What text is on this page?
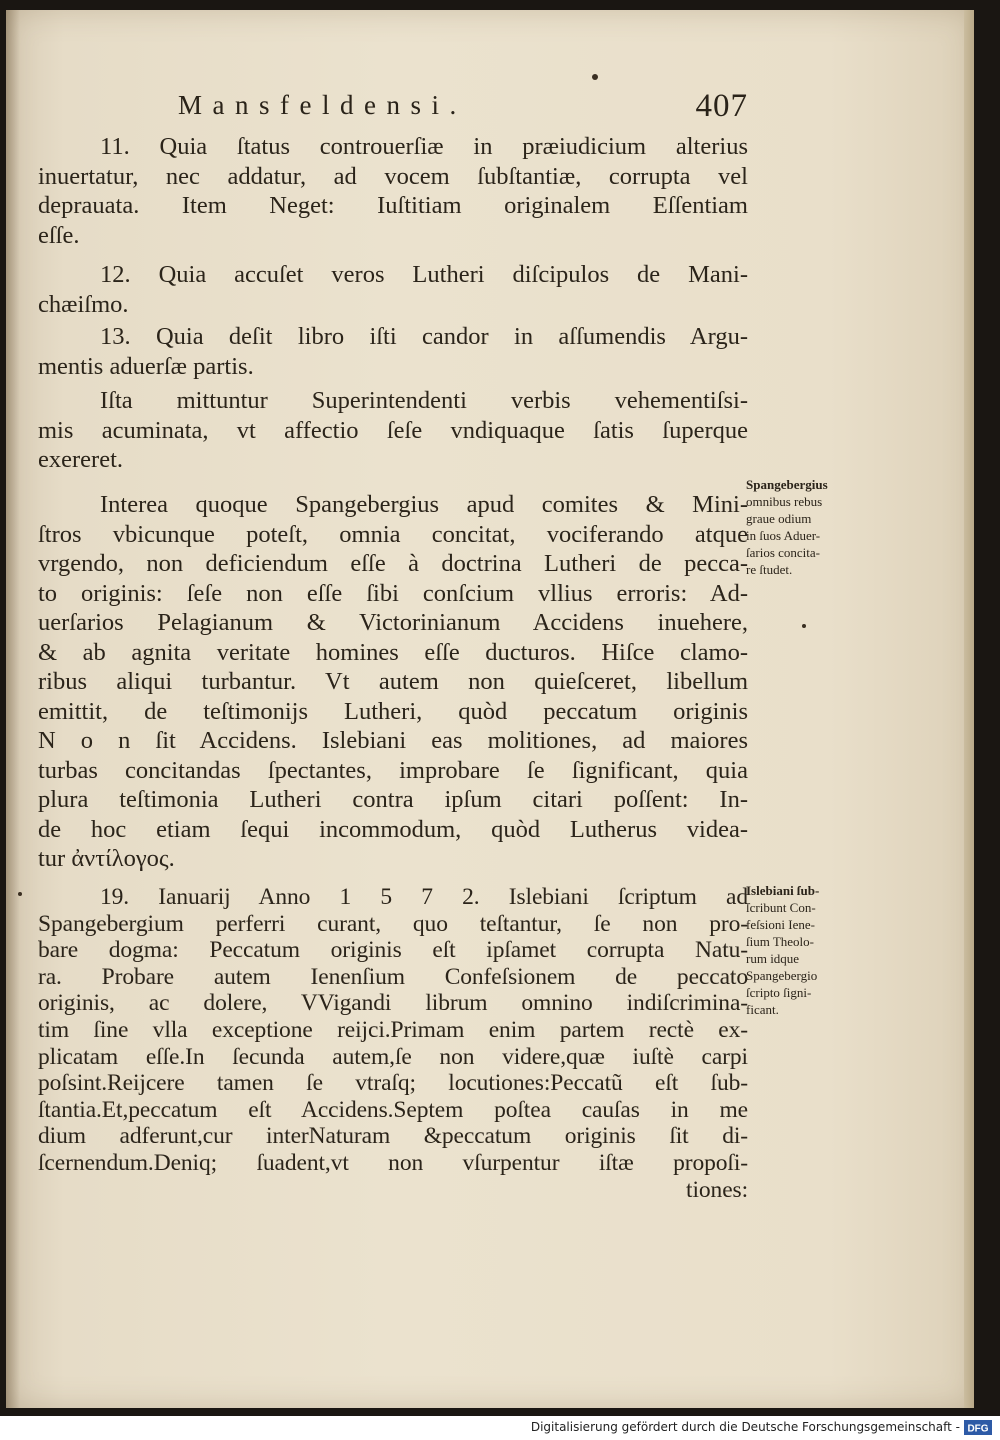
Mansfeldensi.	407
11. Quia ſtatus controuerſiæ in præiudicium alterius
inuertatur, nec addatur, ad vocem ſubſtantiæ, corrupta vel
deprauata. Item Neget: Iuſtitiam originalem Eſſentiam
eſſe.
12. Quia accuſet veros Lutheri diſcipulos de Mani-
chæiſmo.
13. Quia deſit libro iſti candor in aſſumendis Argu-
mentis aduerſæ partis.
Iſta mittuntur Superintendenti verbis vehementiſsi-
mis acuminata, vt affectio ſeſe vndiquaque ſatis ſuperque
exereret.
Interea quoque Spangebergius apud comites & Mini-
ſtros vbicunque poteſt, omnia concitat, vociferando atque
vrgendo, non deficiendum eſſe à doctrina Lutheri de pecca-
to originis: ſeſe non eſſe ſibi conſcium vllius erroris: Ad-
uerſarios Pelagianum & Victorinianum Accidens inuehere,
& ab agnita veritate homines eſſe ducturos. Hiſce clamo-
ribus aliqui turbantur. Vt autem non quieſceret, libellum
emittit, de teſtimonijs Lutheri, quòd peccatum originis
N o n ſit Accidens. Islebiani eas molitiones, ad maiores
turbas concitandas ſpectantes, improbare ſe ſignificant, quia
plura teſtimonia Lutheri contra ipſum citari poſſent: In-
de hoc etiam ſequi incommodum, quòd Lutherus videa-
tur ἀντίλογος.
19. Ianuarij Anno 1 5 7 2. Islebiani ſcriptum ad
Spangebergium perferri curant, quo teſtantur, ſe non pro-
bare dogma: Peccatum originis eſt ipſamet corrupta Natu-
ra. Probare autem Ienenſium Confeſsionem de peccato
originis, ac dolere, VVigandi librum omnino indiſcrimina-
tim ſine vlla exceptione reijci.Primam enim partem rectè ex-
plicatam eſſe.In ſecunda autem,ſe non videre,quæ iuſtè carpi
poſsint.Reijcere tamen ſe vtraſq; locutiones:Peccatũ eſt ſub-
ſtantia.Et,peccatum eſt Accidens.Septem poſtea cauſas in me
dium adferunt,cur interNaturam &peccatum originis ſit di-
ſcernendum.Deniq; ſuadent,vt non vſurpentur iſtæ propoſi-
tiones:
Spangebergius
omnibus rebus
graue odium
in ſuos Aduer-
ſarios concita-
re ſtudet.
Islebiani ſub-
ſcribunt Con-
feſsioni Iene-
ſium Theolo-
rum idque
Spangebergio
ſcripto ſigni-
ficant.
Digitalisierung gefördert durch die Deutsche Forschungsgemeinschaft - DFG
